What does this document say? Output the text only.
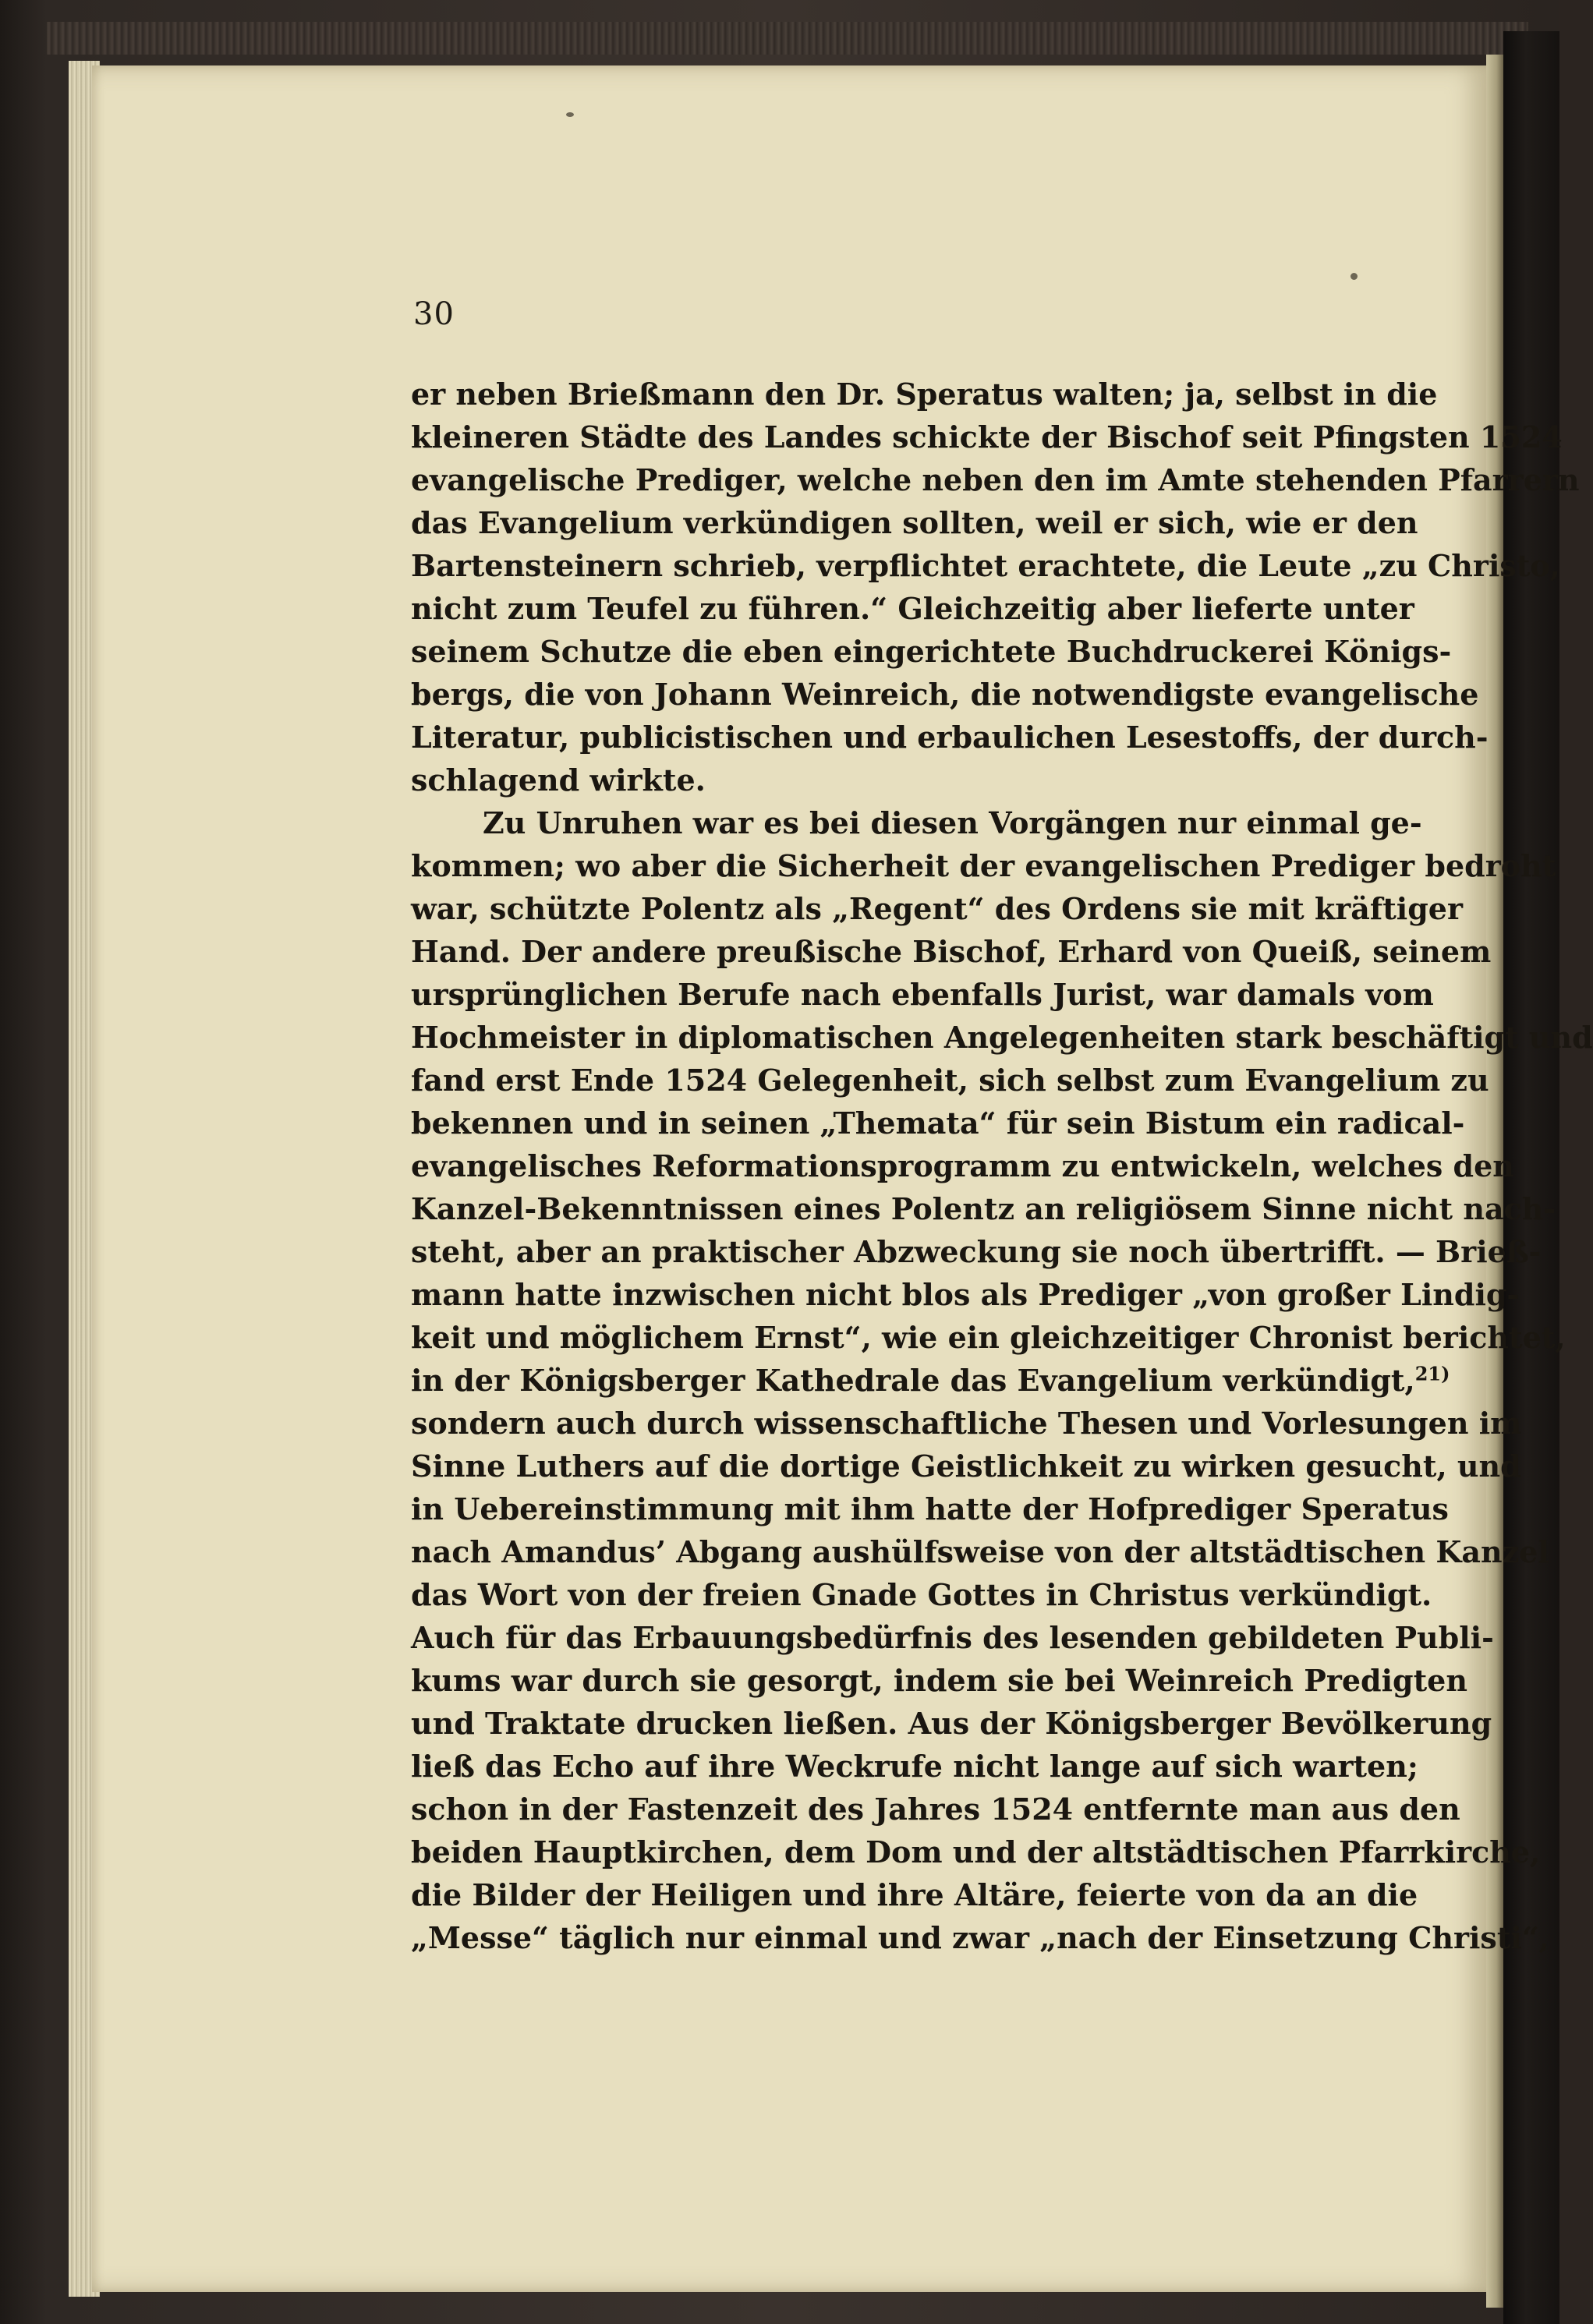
30
er neben Brießmann den Dr. Speratus walten; ja, selbst in die
kleineren Städte des Landes schickte der Bischof seit Pfingsten 1524
evangelische Prediger, welche neben den im Amte stehenden Pfarrern
das Evangelium verkündigen sollten, weil er sich, wie er den
Bartensteinern schrieb, verpflichtet erachtete, die Leute „zu Christo,
nicht zum Teufel zu führen.“ Gleichzeitig aber lieferte unter
seinem Schutze die eben eingerichtete Buchdruckerei Königs-
bergs, die von Johann Weinreich, die notwendigste evangelische
Literatur, publicistischen und erbaulichen Lesestoffs, der durch-
schlagend wirkte.
Zu Unruhen war es bei diesen Vorgängen nur einmal ge-
kommen; wo aber die Sicherheit der evangelischen Prediger bedroht
war, schützte Polentz als „Regent“ des Ordens sie mit kräftiger
Hand. Der andere preußische Bischof, Erhard von Queiß, seinem
ursprünglichen Berufe nach ebenfalls Jurist, war damals vom
Hochmeister in diplomatischen Angelegenheiten stark beschäftigt und
fand erst Ende 1524 Gelegenheit, sich selbst zum Evangelium zu
bekennen und in seinen „Themata“ für sein Bistum ein radical-
evangelisches Reformationsprogramm zu entwickeln, welches den
Kanzel-Bekenntnissen eines Polentz an religiösem Sinne nicht nach-
steht, aber an praktischer Abzweckung sie noch übertrifft. — Brieß-
mann hatte inzwischen nicht blos als Prediger „von großer Lindig-
keit und möglichem Ernst“, wie ein gleichzeitiger Chronist berichtet,
in der Königsberger Kathedrale das Evangelium verkündigt,$^{21)}$
sondern auch durch wissenschaftliche Thesen und Vorlesungen im
Sinne Luthers auf die dortige Geistlichkeit zu wirken gesucht, und
in Uebereinstimmung mit ihm hatte der Hofprediger Speratus
nach Amandus’ Abgang aushülfsweise von der altstädtischen Kanzel
das Wort von der freien Gnade Gottes in Christus verkündigt.
Auch für das Erbauungsbedürfnis des lesenden gebildeten Publi-
kums war durch sie gesorgt, indem sie bei Weinreich Predigten
und Traktate drucken ließen. Aus der Königsberger Bevölkerung
ließ das Echo auf ihre Weckrufe nicht lange auf sich warten;
schon in der Fastenzeit des Jahres 1524 entfernte man aus den
beiden Hauptkirchen, dem Dom und der altstädtischen Pfarrkirche,
die Bilder der Heiligen und ihre Altäre, feierte von da an die
„Messe“ täglich nur einmal und zwar „nach der Einsetzung Christi“,
